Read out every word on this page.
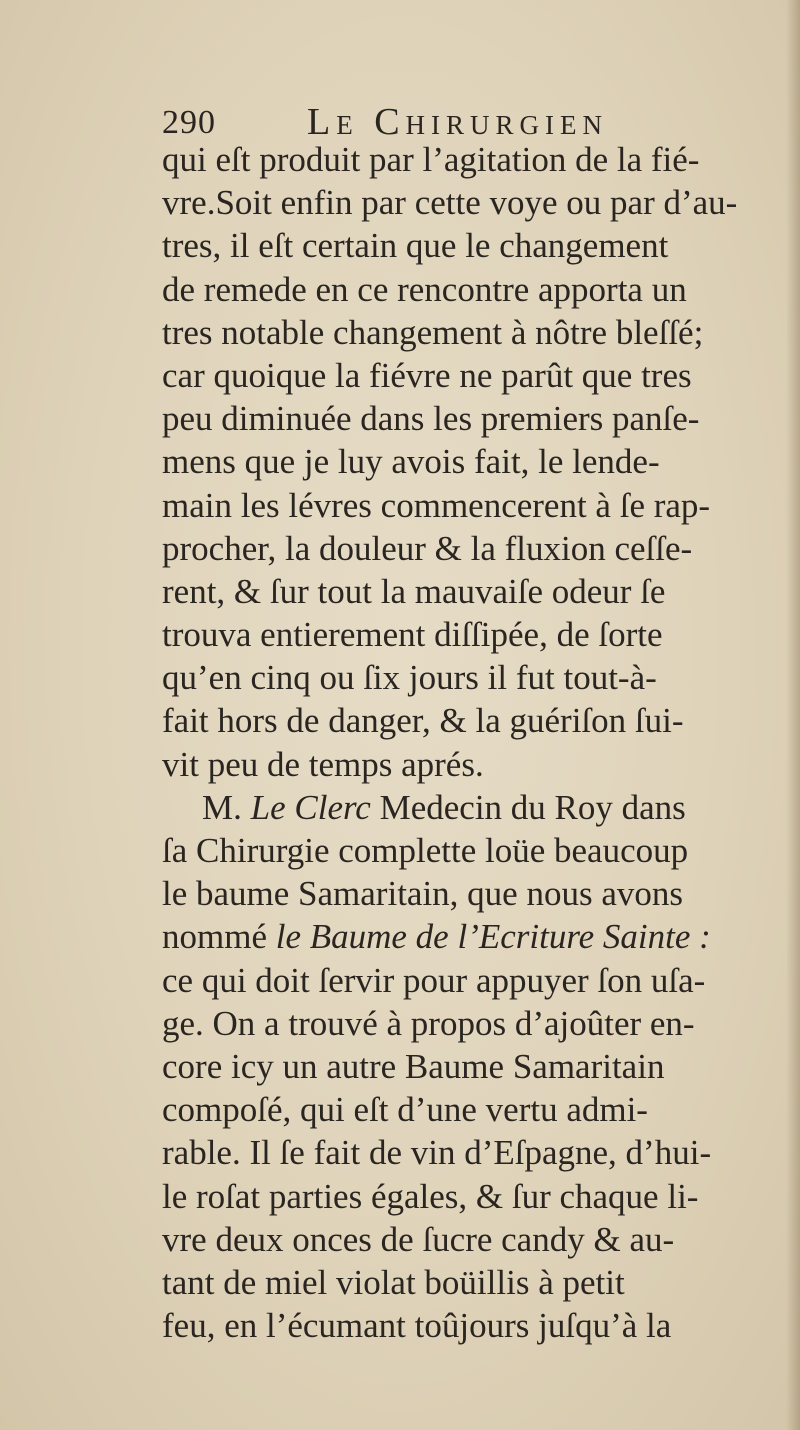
290 Le Chirurgien
qui eſt produit par l’agitation de la fié-
vre.Soit enfin par cette voye ou par d’au-
tres, il eſt certain que le changement
de remede en ce rencontre apporta un
tres notable changement à nôtre bleſſé;
car quoique la fiévre ne parût que tres
peu diminuée dans les premiers panſe-
mens que je luy avois fait, le lende-
main les lévres commencerent à ſe rap-
procher, la douleur & la fluxion ceſſe-
rent, & ſur tout la mauvaiſe odeur ſe
trouva entierement diſſipée, de ſorte
qu’en cinq ou ſix jours il fut tout-à-
fait hors de danger, & la guériſon ſui-
vit peu de temps aprés.
M. Le Clerc Medecin du Roy dans
ſa Chirurgie complette loüe beaucoup
le baume Samaritain, que nous avons
nommé le Baume de l’Ecriture Sainte :
ce qui doit ſervir pour appuyer ſon uſa-
ge. On a trouvé à propos d’ajoûter en-
core icy un autre Baume Samaritain
compoſé, qui eſt d’une vertu admi-
rable. Il ſe fait de vin d’Eſpagne, d’hui-
le roſat parties égales, & ſur chaque li-
vre deux onces de ſucre candy & au-
tant de miel violat boüillis à petit
feu, en l’écumant toûjours juſqu’à la
